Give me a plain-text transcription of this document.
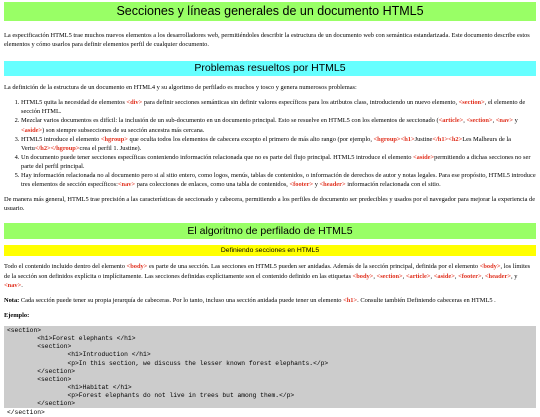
Secciones y líneas generales de un documento HTML5

La especificación HTML5 trae muchos nuevos elementos a los desarrolladores web, permitiéndoles describir la estructura de un documento web con semántica estandarizada. Este documento describe estos elementos y cómo usarlos para definir elementos perfil de cualquier documento.

Problemas resueltos por HTML5

La definición de la estructura de un documento en HTML4 y su algoritmo de perfilado es muchos y tosco y genera numerosos problemas:

1. HTML5 quita la necesidad de elementos <div> para definir secciones semánticas sin definir valores específicos para los atributos class, introduciendo un nuevo elemento, <section>, el elemento de sección HTML.
2. Mezclar varios documentos es difícil: la inclusión de un sub-documento en un documento principal. Esto se resuelve en HTML5 con los elementos de seccionado (<article>, <section>, <nav> y <aside>) son siempre subsecciones de su sección ancestra más cercana.
3. HTML5 introduce el elemento <hgroup> que oculta todos los elementos de cabecera excepto el primero de más alto rango (por ejemplo, <hgroup><h1>Justine</h1><h2>Les Malheurs de la Vertu</h2></hgroup>crea el perfil 1. Justine).
4. Un documento puede tener secciones específicas conteniendo información relacionada que no es parte del flujo principal. HTML5 introduce el elemento <aside>permitiendo a dichas secciones no ser parte del perfil principal.
5. Hay información relacionada no al documento pero si al sitio entero, como logos, menús, tablas de contenidos, o información de derechos de autor y notas legales. Para ese propósito, HTML5 introduce tres elementos de sección específicos:<nav> para colecciones de enlaces, como una tabla de contenidos, <footer> y <header> información relacionada con el sitio.

De manera más general, HTML5 trae precisión a las características de seccionado y cabecera, permitiendo a los perfiles de documento ser predecibles y usados por el navegador para mejorar la experiencia de usuario.

El algoritmo de perfilado de HTML5
Definiendo secciones en HTML5

Todo el contenido incluido dentro del elemento <body> es parte de una sección. Las secciones en HTML5 pueden ser anidadas. Además de la sección principal, definida por el elemento <body>, los límites de la sección son definidos explícita o implícitamente. Las secciones definidas explícitamente son el contenido definido en las etiquetas <body>, <section>, <article>, <aside>, <footer>, <header>, y <nav>.

Nota: Cada sección puede tener su propia jerarquía de cabeceras. Por lo tanto, incluso una sección anidada puede tener un elemento <h1>. Consulte también Definiendo cabeceras en HTML5 .

Ejemplo:

<section>
<h1>Forest elephants </h1>
<section>
<h1>Introduction </h1>
<p>In this section, we discuss the lesser known forest elephants.</p>
</section>
<section>
<h1>Habitat </h1>
<p>Forest elephants do not live in trees but among them.</p>
</section>
</section>
